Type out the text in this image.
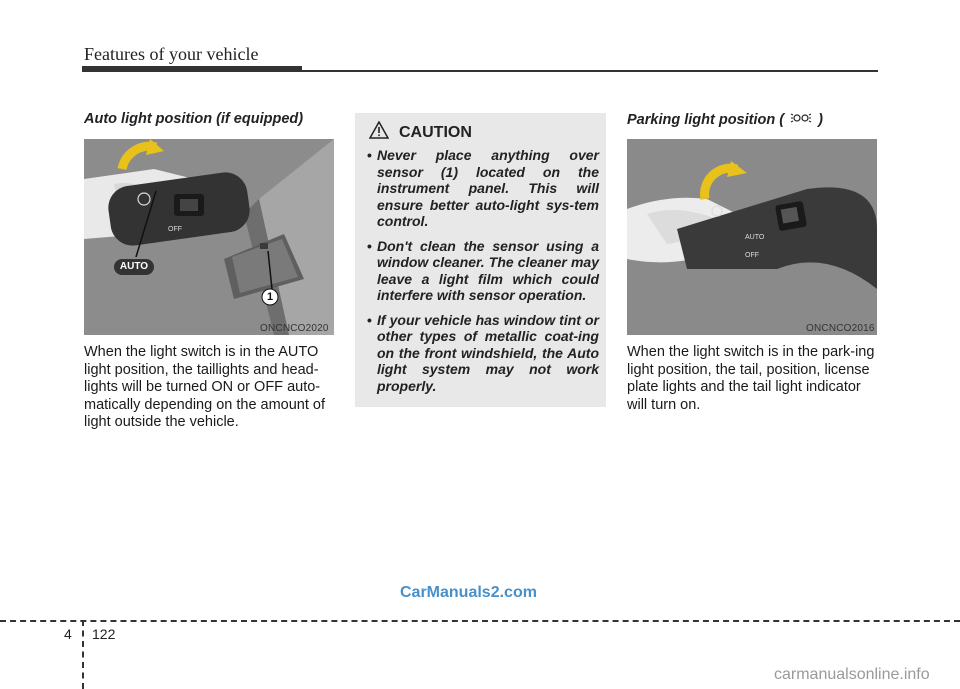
Features of your vehicle
Auto light position (if equipped)
OFF
AUTO
1
ONCNCO2020
When the light switch is in the AUTO light position, the taillights and head-lights will be turned ON or OFF auto-matically depending on the amount of light outside the vehicle.
CAUTION
• Never place anything over sensor (1) located on the instrument panel. This will ensure better auto-light sys-tem control.
• Don't clean the sensor using a window cleaner. The cleaner may leave a light film which could interfere with sensor operation.
• If your vehicle has window tint or other types of metallic coat-ing on the front windshield, the Auto light system may not work properly.
Parking light position ( )
OFF
AUTO
ONCNCO2016
When the light switch is in the park-ing light position, the tail, position, license plate lights and the tail light indicator will turn on.
CarManuals2.com
4 122
carmanualsonline.info
